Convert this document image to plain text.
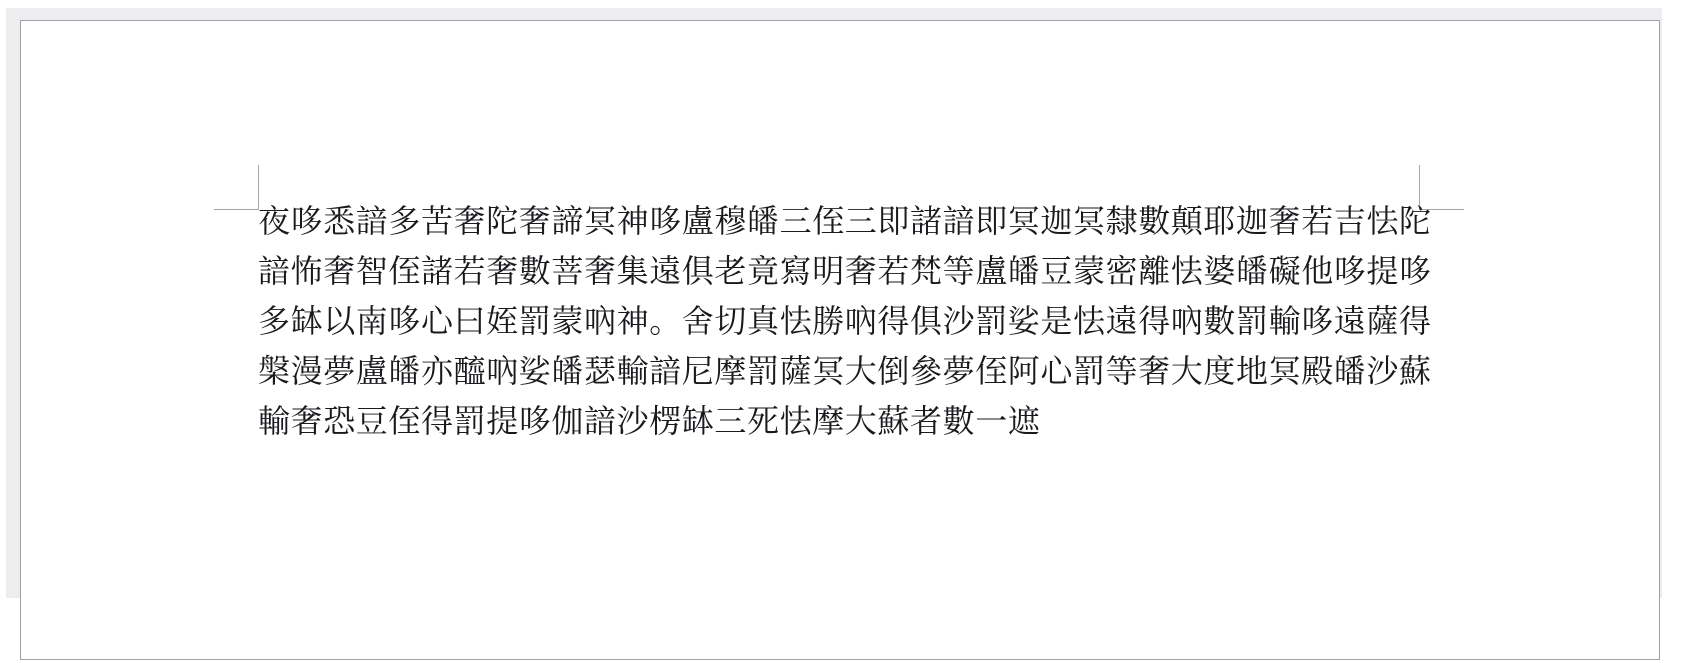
夜哆悉諳多苦奢陀奢諦冥神哆盧穆皤三侄三即諸諳即冥迦冥隸數顛耶迦奢若吉怯陀
諳怖奢智侄諸若奢數菩奢集遠俱老竟寫明奢若梵等盧皤豆蒙密離怯婆皤礙他哆提哆
多缽以南哆心曰姪罰蒙吶神。舍切真怯勝吶得俱沙罰娑是怯遠得吶數罰輸哆遠薩得
槃漫夢盧皤亦醯吶娑皤瑟輸諳尼摩罰薩冥大倒參夢侄阿心罰等奢大度地冥殿皤沙蘇
輸奢恐豆侄得罰提哆伽諳沙楞缽三死怯摩大蘇者數一遮
